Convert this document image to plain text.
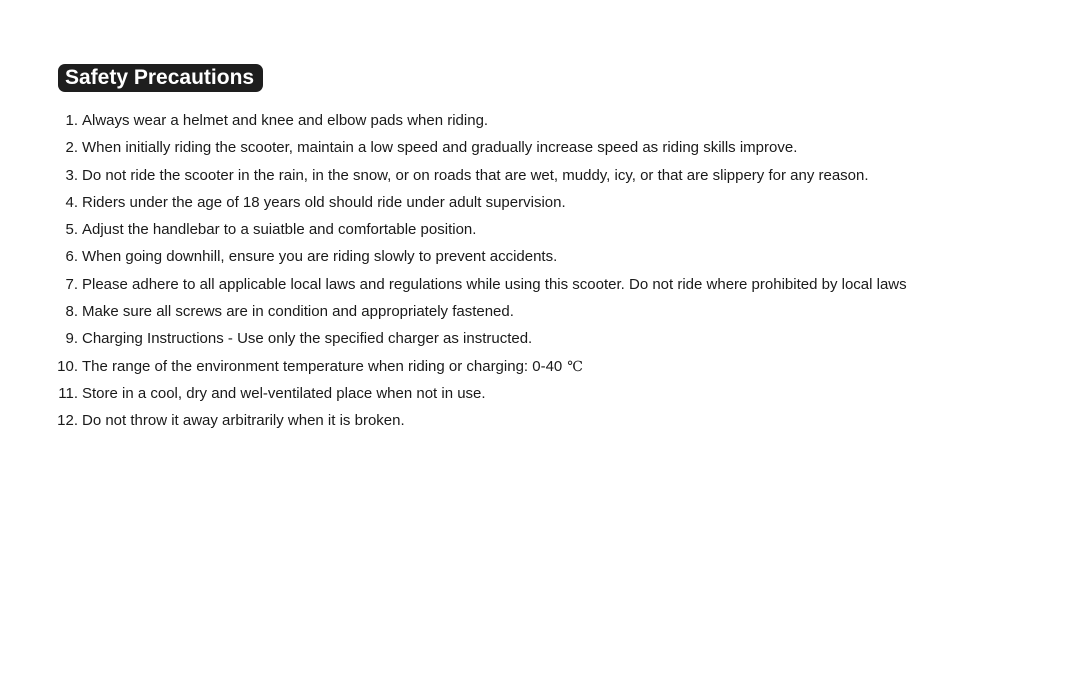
Safety Precautions
1. Always wear a helmet and knee and elbow pads when riding.
2. When initially riding the scooter, maintain a low speed and gradually increase speed as riding skills improve.
3. Do not ride the scooter in the rain, in the snow, or on roads that are wet, muddy, icy, or that are slippery for any reason.
4. Riders under the age of 18 years old should ride under adult supervision.
5. Adjust the handlebar to a suiatble and comfortable position.
6. When going downhill, ensure you are riding slowly to prevent accidents.
7. Please adhere to all applicable local laws and regulations while using this scooter. Do not ride where prohibited by local laws
8. Make sure all screws are in condition and appropriately fastened.
9. Charging Instructions - Use only the specified charger as instructed.
10. The range of the environment temperature when riding or charging: 0-40 ℃
11. Store in a cool, dry and wel-ventilated place when not in use.
12. Do not throw it away arbitrarily when it is broken.
